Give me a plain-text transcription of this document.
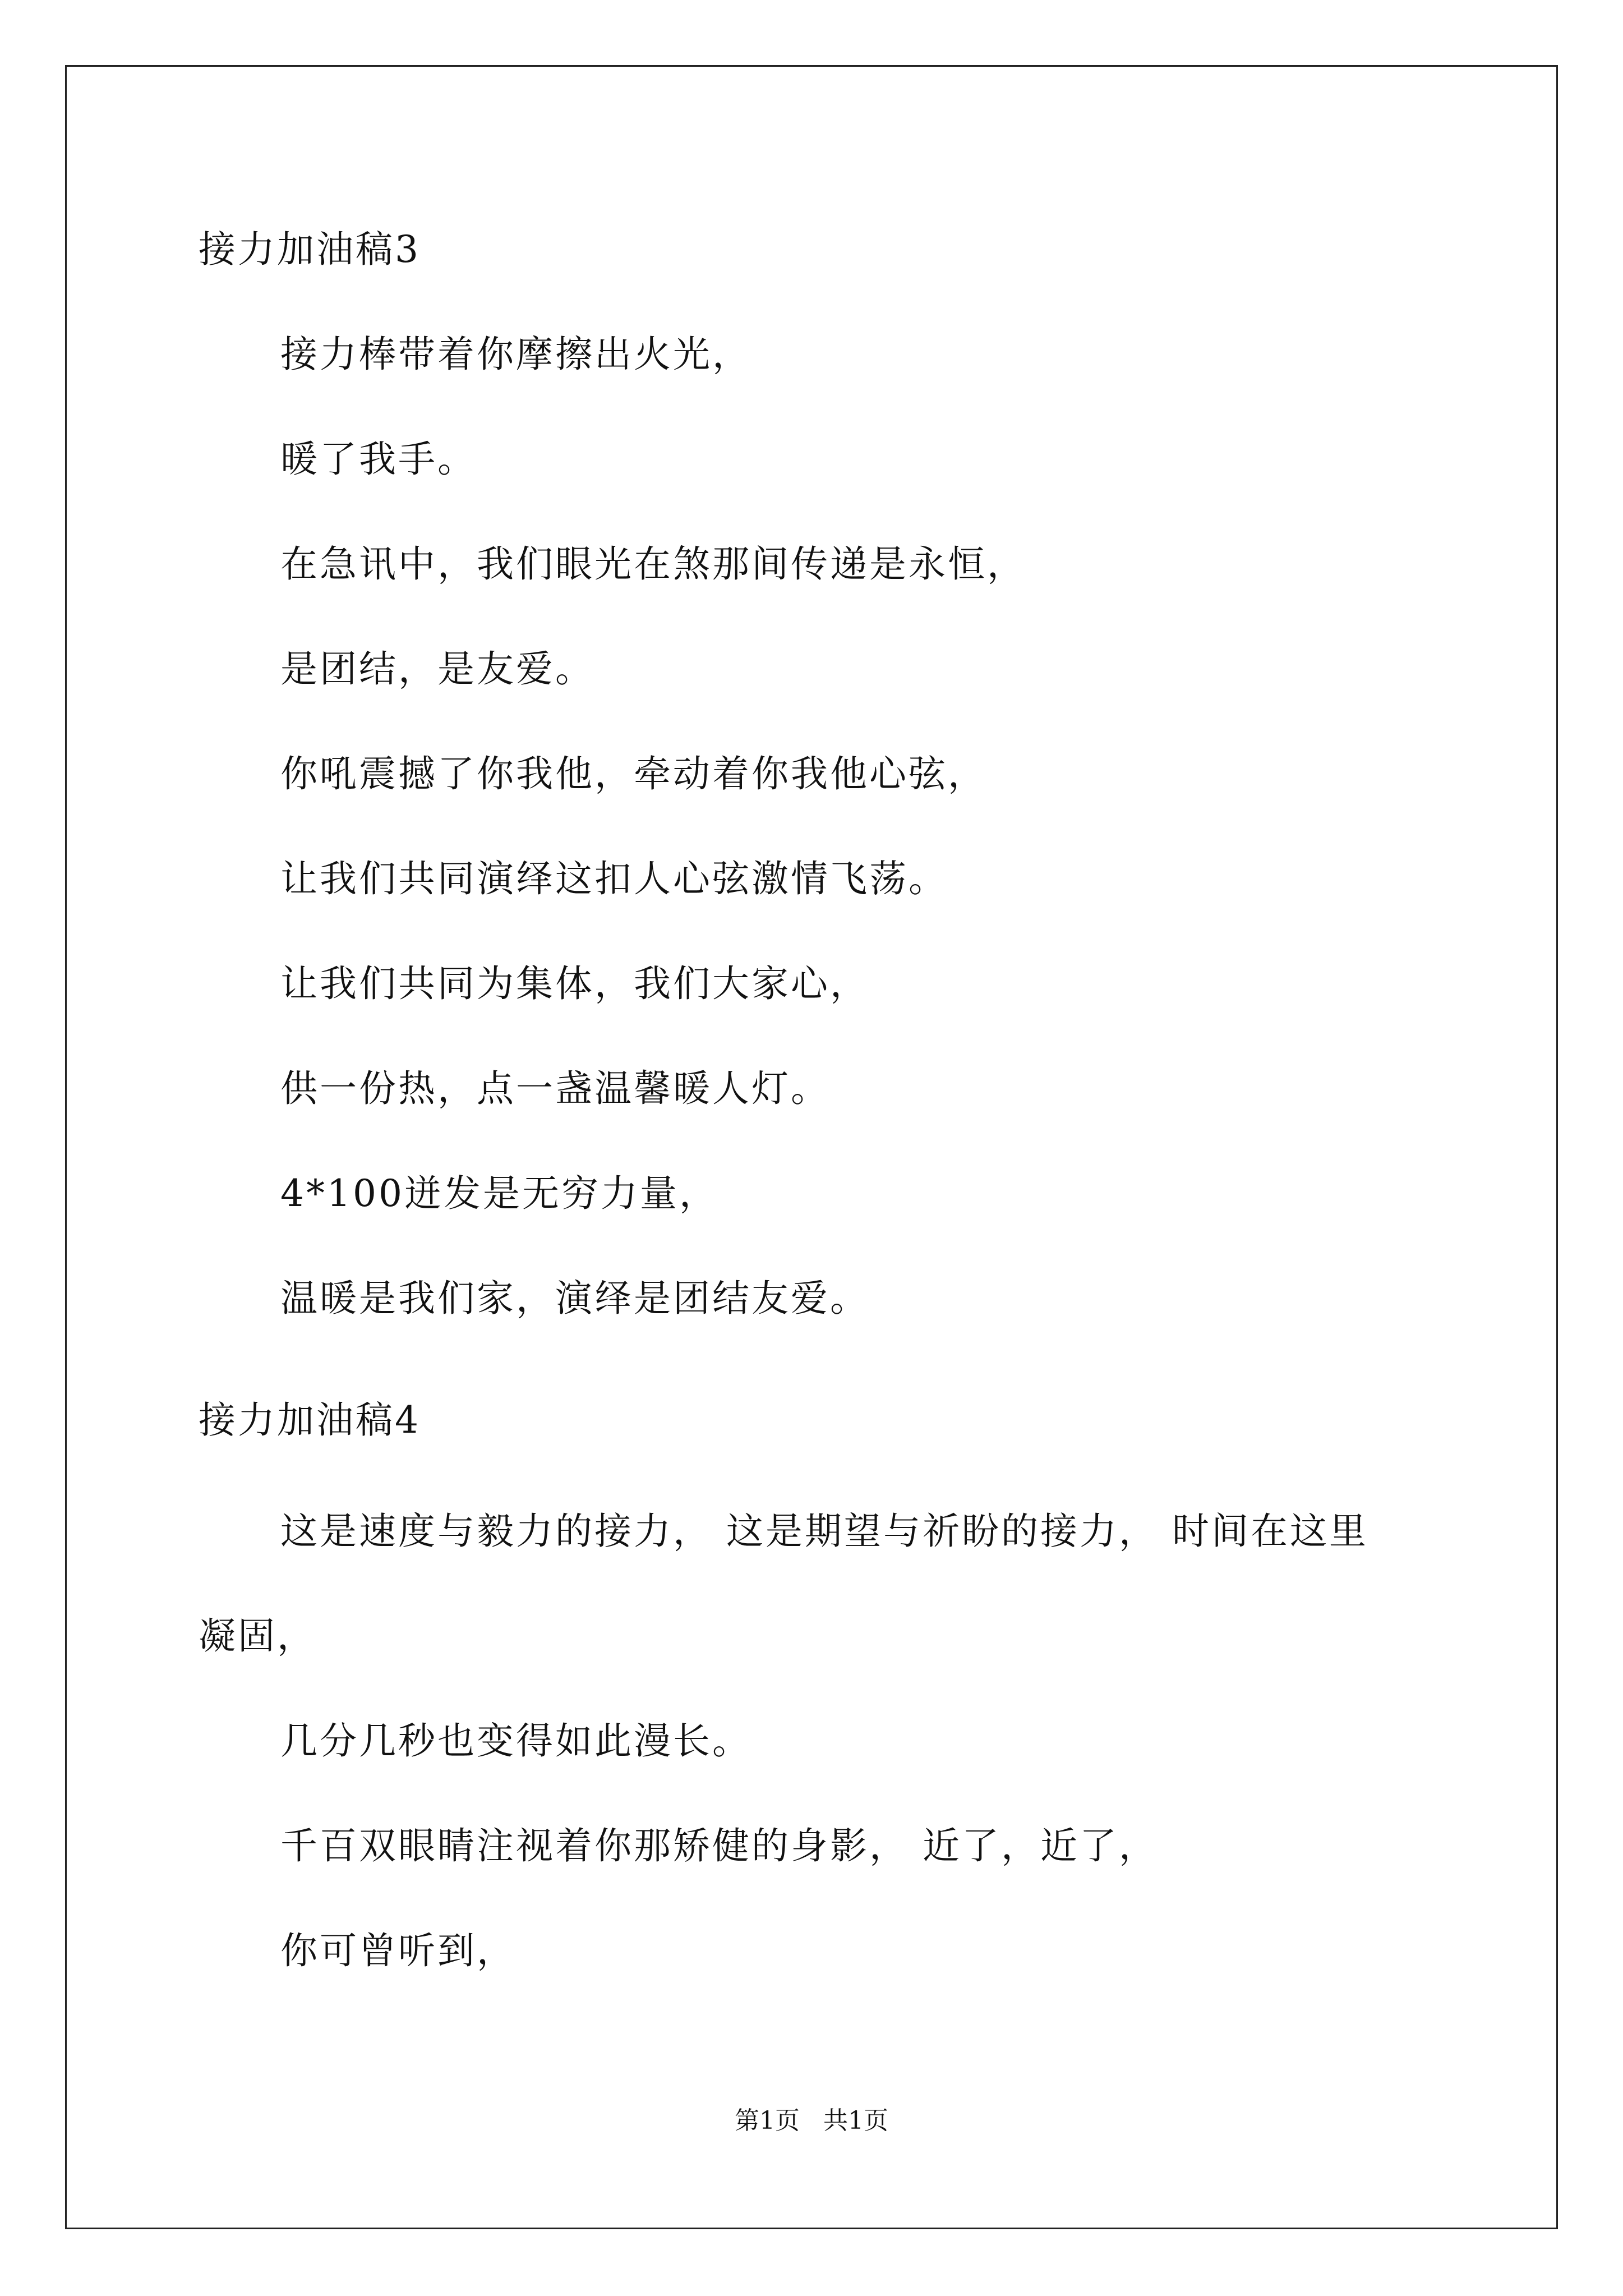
接力加油稿3
接力棒带着你摩擦出火光，
暖了我手。
在急讯中，我们眼光在煞那间传递是永恒，
是团结，是友爱。
你吼震撼了你我他，牵动着你我他心弦，
让我们共同演绎这扣人心弦激情飞荡。
让我们共同为集体，我们大家心，
供一份热，点一盏温馨暖人灯。
4*100迸发是无穷力量，
温暖是我们家，演绎是团结友爱。
接力加油稿4
这是速度与毅力的接力， 这是期望与祈盼的接力， 时间在这里
凝固，
几分几秒也变得如此漫长。
千百双眼睛注视着你那矫健的身影， 近了，近了，
你可曾听到，
第1页   共1页
